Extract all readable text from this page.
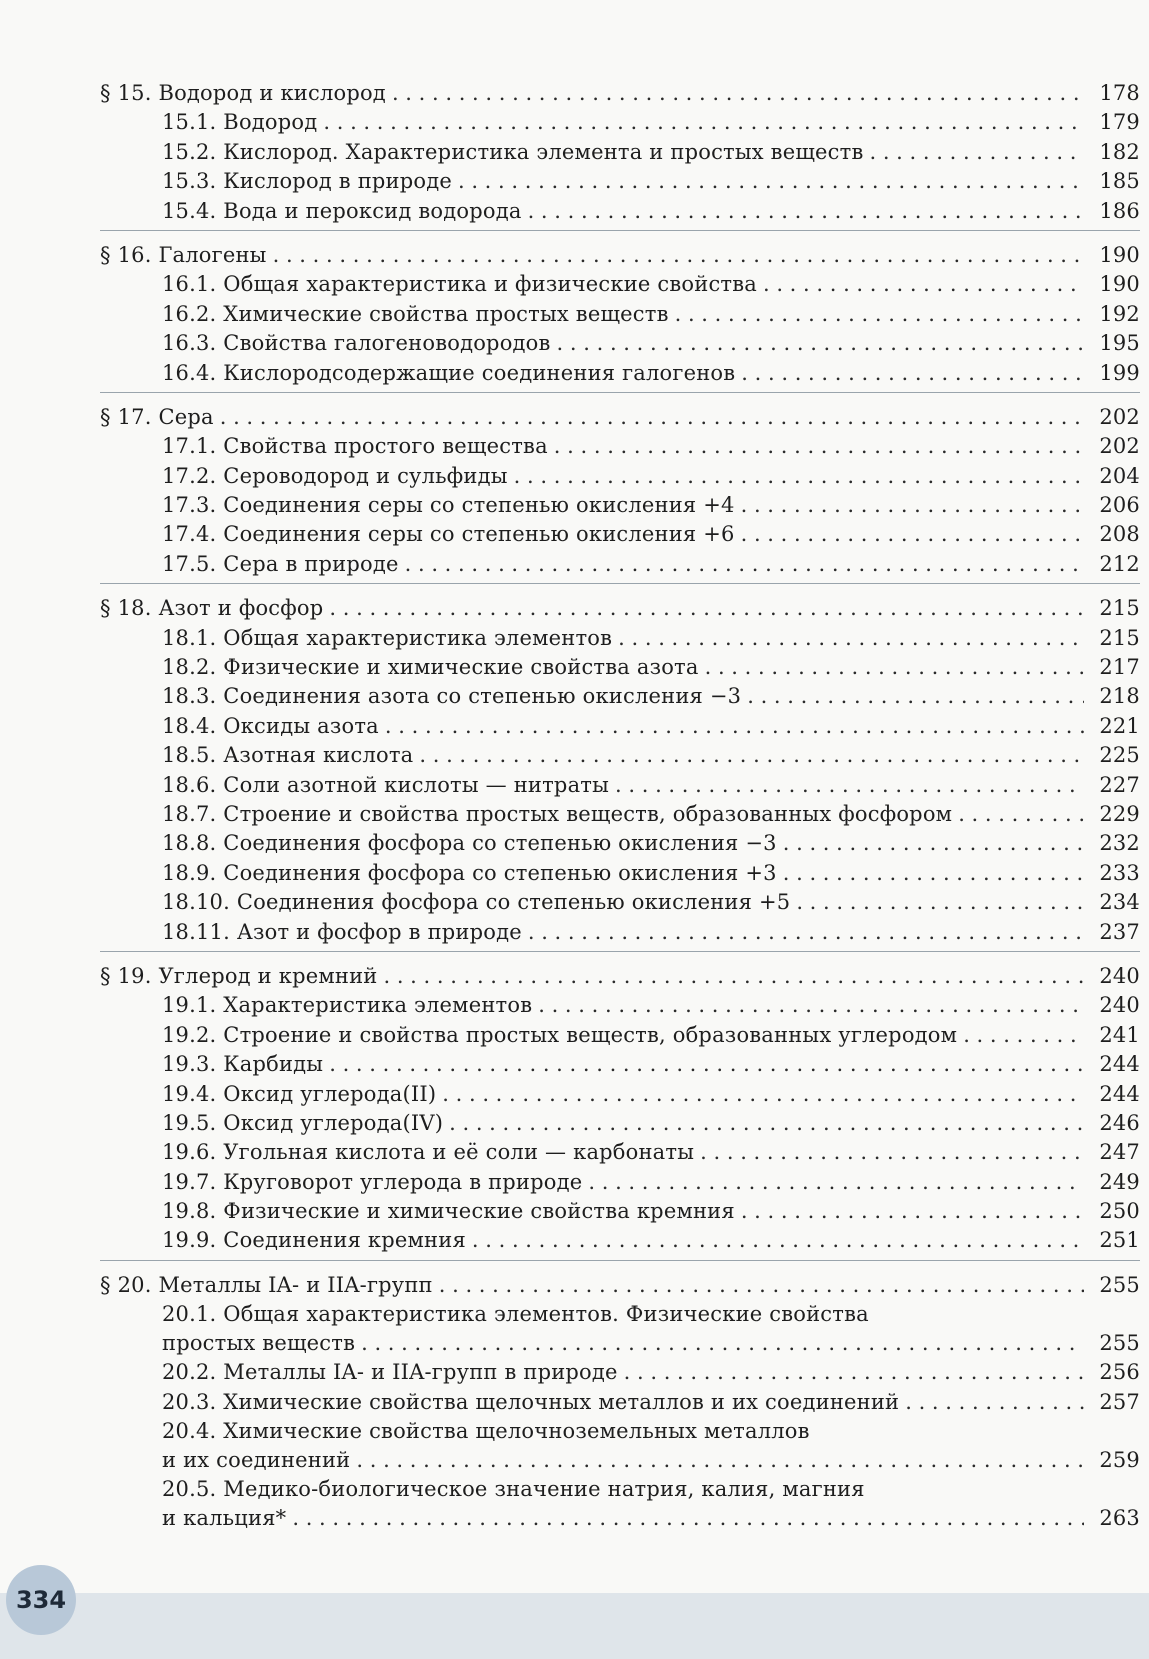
§ 15. Водород и кислород . . .	178
15.1. Водород . . .	179
15.2. Кислород. Характеристика элемента и простых веществ . . .	182
15.3. Кислород в природе . . .	185
15.4. Вода и пероксид водорода . . .	186
§ 16. Галогены . . .	190
16.1. Общая характеристика и физические свойства . . .	190
16.2. Химические свойства простых веществ . . .	192
16.3. Свойства галогеноводородов . . .	195
16.4. Кислородсодержащие соединения галогенов . . .	199
§ 17. Сера . . .	202
17.1. Свойства простого вещества . . .	202
17.2. Сероводород и сульфиды . . .	204
17.3. Соединения серы со степенью окисления +4 . . .	206
17.4. Соединения серы со степенью окисления +6 . . .	208
17.5. Сера в природе . . .	212
§ 18. Азот и фосфор . . .	215
18.1. Общая характеристика элементов . . .	215
18.2. Физические и химические свойства азота . . .	217
18.3. Соединения азота со степенью окисления −3 . . .	218
18.4. Оксиды азота . . .	221
18.5. Азотная кислота . . .	225
18.6. Соли азотной кислоты — нитраты . . .	227
18.7. Строение и свойства простых веществ, образованных фосфором . . .	229
18.8. Соединения фосфора со степенью окисления −3 . . .	232
18.9. Соединения фосфора со степенью окисления +3 . . .	233
18.10. Соединения фосфора со степенью окисления +5 . . .	234
18.11. Азот и фосфор в природе . . .	237
§ 19. Углерод и кремний . . .	240
19.1. Характеристика элементов . . .	240
19.2. Строение и свойства простых веществ, образованных углеродом . . .	241
19.3. Карбиды . . .	244
19.4. Оксид углерода(II) . . .	244
19.5. Оксид углерода(IV) . . .	246
19.6. Угольная кислота и её соли — карбонаты . . .	247
19.7. Круговорот углерода в природе . . .	249
19.8. Физические и химические свойства кремния . . .	250
19.9. Соединения кремния . . .	251
§ 20. Металлы IA- и IIA-групп . . .	255
20.1. Общая характеристика элементов. Физические свойства
простых веществ . . .	255
20.2. Металлы IA- и IIA-групп в природе . . .	256
20.3. Химические свойства щелочных металлов и их соединений . . .	257
20.4. Химические свойства щелочноземельных металлов
и их соединений . . .	259
20.5. Медико-биологическое значение натрия, калия, магния
и кальция* . . .	263
334
